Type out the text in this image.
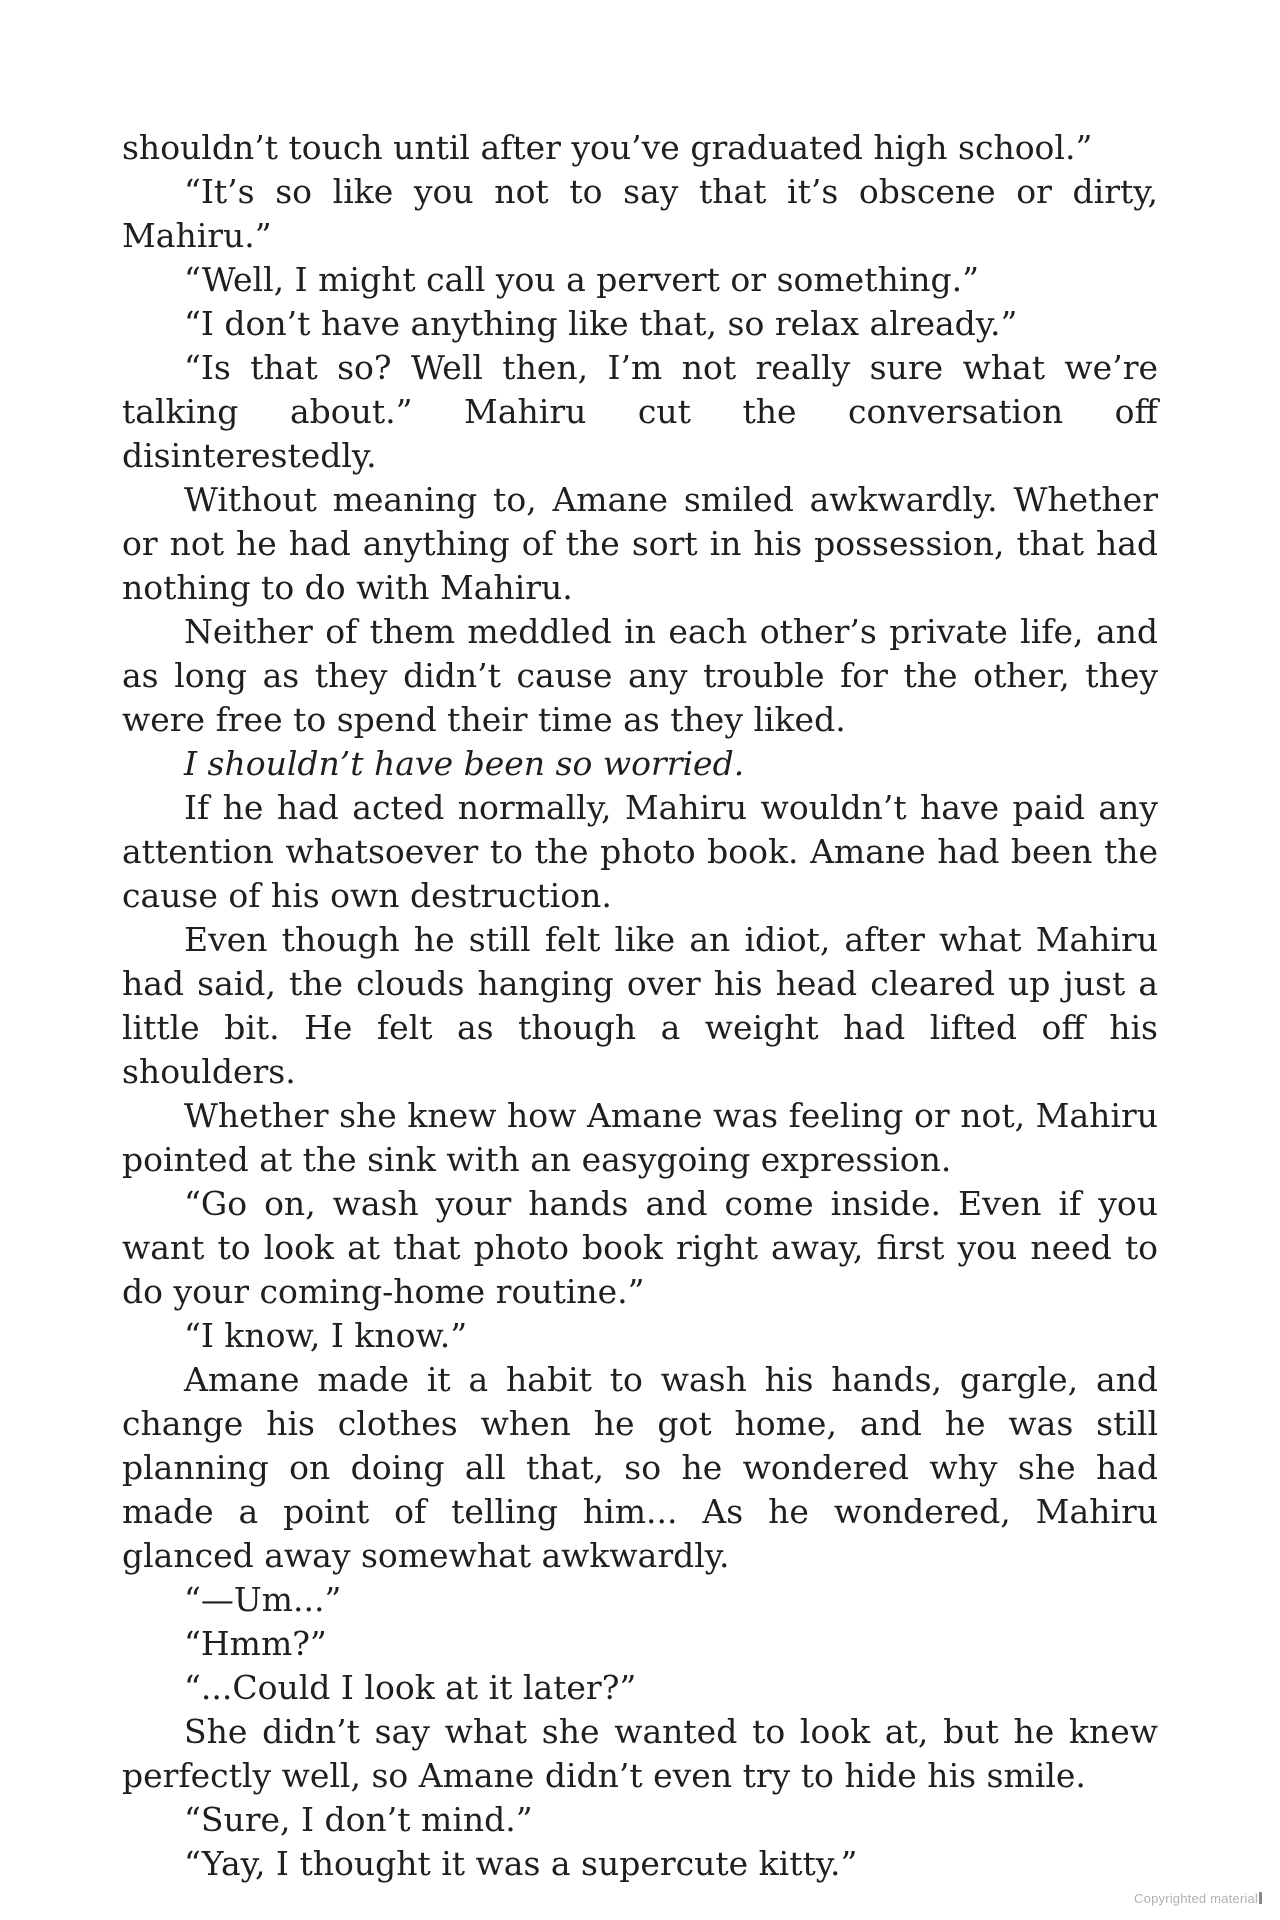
shouldn’t touch until after you’ve graduated high school.”

“It’s so like you not to say that it’s obscene or dirty, Mahiru.”

“Well, I might call you a pervert or something.”

“I don’t have anything like that, so relax already.”

“Is that so? Well then, I’m not really sure what we’re talking about.” Mahiru cut the conversation off disinterestedly.

Without meaning to, Amane smiled awkwardly. Whether or not he had anything of the sort in his possession, that had nothing to do with Mahiru.

Neither of them meddled in each other’s private life, and as long as they didn’t cause any trouble for the other, they were free to spend their time as they liked.

I shouldn’t have been so worried.

If he had acted normally, Mahiru wouldn’t have paid any attention whatsoever to the photo book. Amane had been the cause of his own destruction.

Even though he still felt like an idiot, after what Mahiru had said, the clouds hanging over his head cleared up just a little bit. He felt as though a weight had lifted off his shoulders.

Whether she knew how Amane was feeling or not, Mahiru pointed at the sink with an easygoing expression.

“Go on, wash your hands and come inside. Even if you want to look at that photo book right away, first you need to do your coming-home routine.”

“I know, I know.”

Amane made it a habit to wash his hands, gargle, and change his clothes when he got home, and he was still planning on doing all that, so he wondered why she had made a point of telling him... As he wondered, Mahiru glanced away somewhat awkwardly.

“—Um...”

“Hmm?”

“...Could I look at it later?”

She didn’t say what she wanted to look at, but he knew perfectly well, so Amane didn’t even try to hide his smile.

“Sure, I don’t mind.”

“Yay, I thought it was a supercute kitty.”

Copyrighted material
